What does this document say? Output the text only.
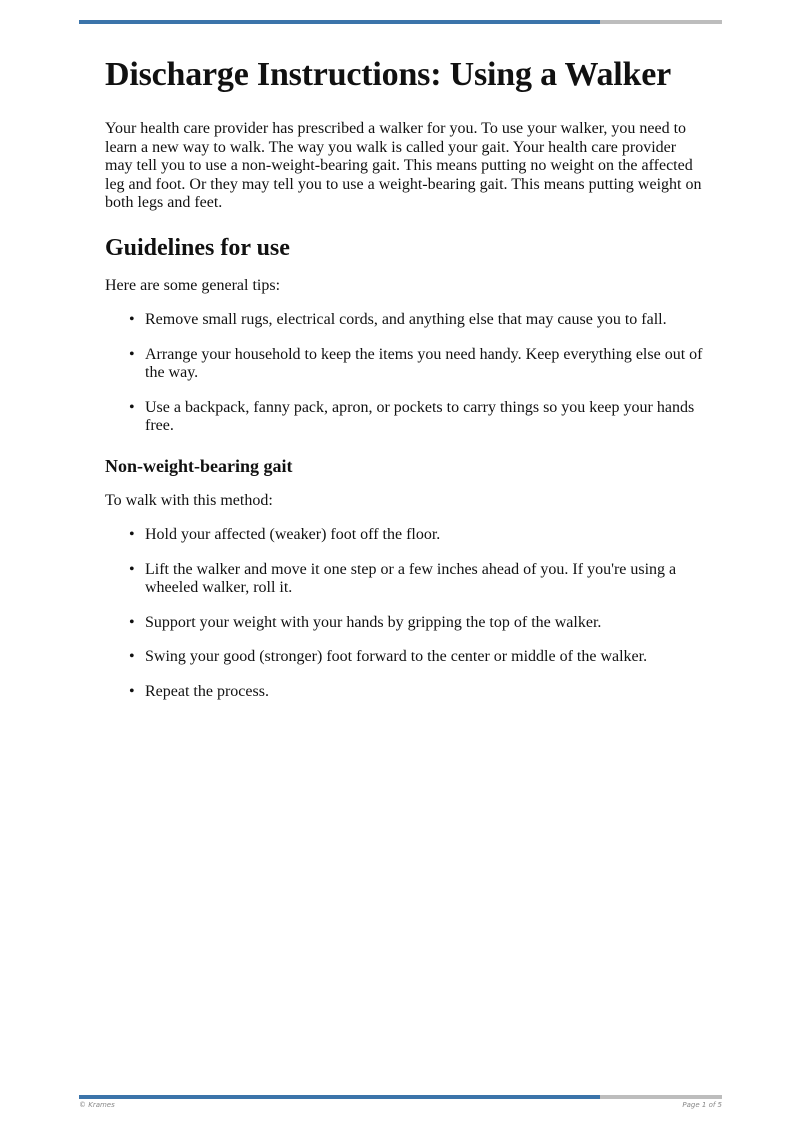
Discharge Instructions: Using a Walker

Your health care provider has prescribed a walker for you. To use your walker, you need to learn a new way to walk. The way you walk is called your gait. Your health care provider may tell you to use a non-weight-bearing gait. This means putting no weight on the affected leg and foot. Or they may tell you to use a weight-bearing gait. This means putting weight on both legs and feet.

Guidelines for use

Here are some general tips:

• Remove small rugs, electrical cords, and anything else that may cause you to fall.
• Arrange your household to keep the items you need handy. Keep everything else out of the way.
• Use a backpack, fanny pack, apron, or pockets to carry things so you keep your hands free.
Non-weight-bearing gait

To walk with this method:

• Hold your affected (weaker) foot off the floor.
• Lift the walker and move it one step or a few inches ahead of you. If you're using a wheeled walker, roll it.
• Support your weight with your hands by gripping the top of the walker.
• Swing your good (stronger) foot forward to the center or middle of the walker.
• Repeat the process.
© Krames	Page 1 of 5
